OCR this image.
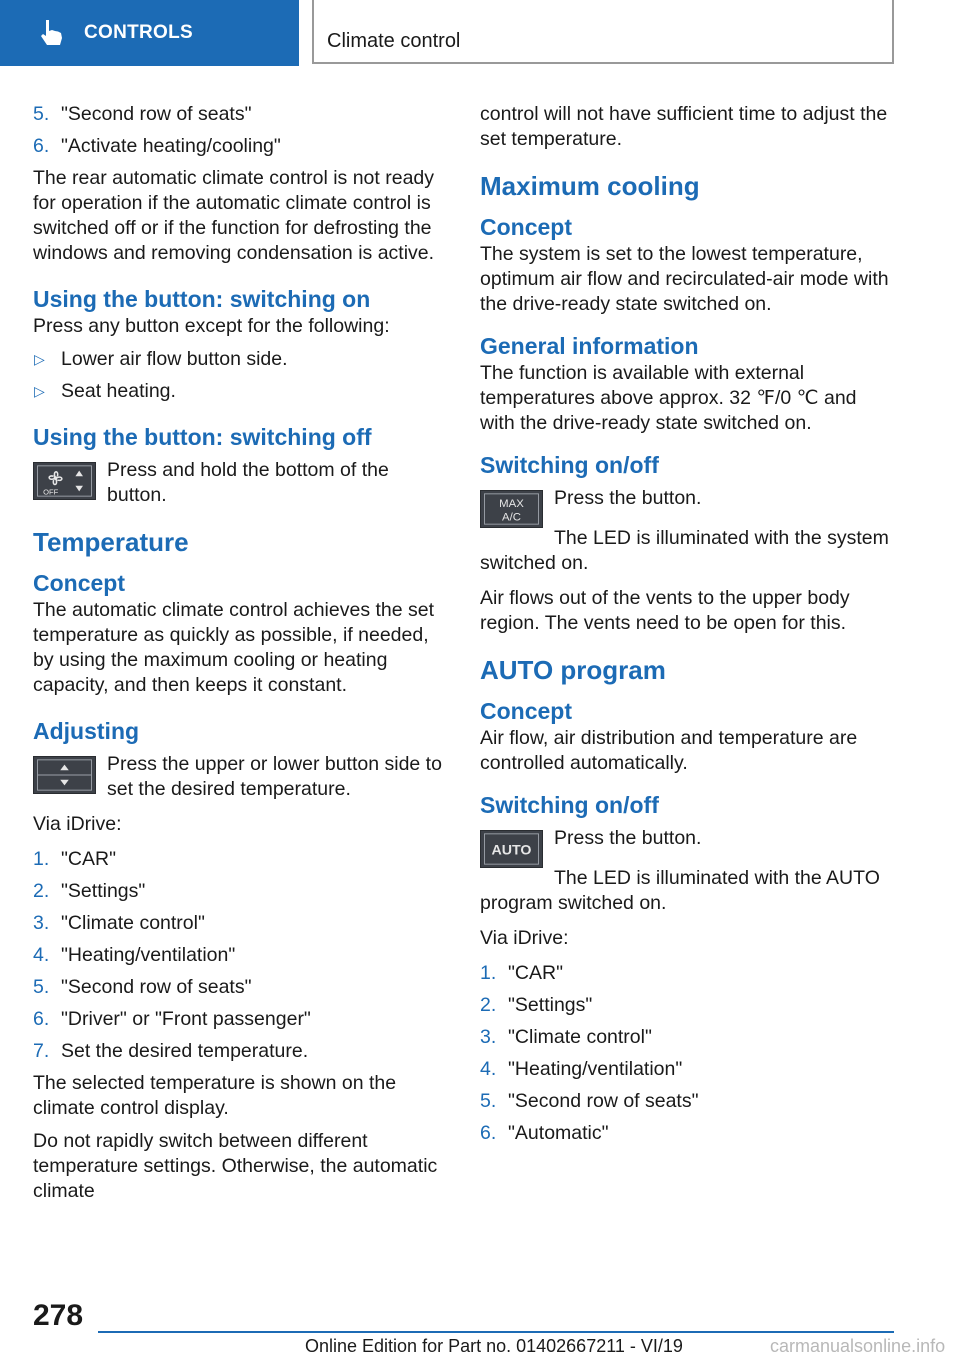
CONTROLS	Climate control
5. "Second row of seats"
6. "Activate heating/cooling"

The rear automatic climate control is not ready for operation if the automatic climate control is switched off or if the function for defrosting the windows and removing condensation is active.

Using the button: switching on

Press any button except for the following:

▷ Lower air flow button side.
▷ Seat heating.
Using the button: switching off
OFF

Press and hold the bottom of the button.

Temperature
Concept

The automatic climate control achieves the set temperature as quickly as possible, if needed, by using the maximum cooling or heating capacity, and then keeps it constant.

Adjusting

Press the upper or lower button side to set the desired temperature.

Via iDrive:

1. "CAR"
2. "Settings"
3. "Climate control"
4. "Heating/ventilation"
5. "Second row of seats"
6. "Driver" or "Front passenger"
7. Set the desired temperature.

The selected temperature is shown on the climate control display.

Do not rapidly switch between different temperature settings. Otherwise, the automatic climate

control will not have sufficient time to adjust the set temperature.

Maximum cooling
Concept

The system is set to the lowest temperature, optimum air flow and recirculated-air mode with the drive-ready state switched on.

General information

The function is available with external temperatures above approx. 32 ℉/0 ℃ and with the drive-ready state switched on.

Switching on/off
MAX
A/C

Press the button.

The LED is illuminated with the system switched on.

Air flows out of the vents to the upper body region. The vents need to be open for this.

AUTO program
Concept

Air flow, air distribution and temperature are controlled automatically.

Switching on/off
AUTO

Press the button.

The LED is illuminated with the AUTO program switched on.

Via iDrive:

1. "CAR"
2. "Settings"
3. "Climate control"
4. "Heating/ventilation"
5. "Second row of seats"
6. "Automatic"
278
Online Edition for Part no. 01402667211 - VI/19	carmanualsonline.info
